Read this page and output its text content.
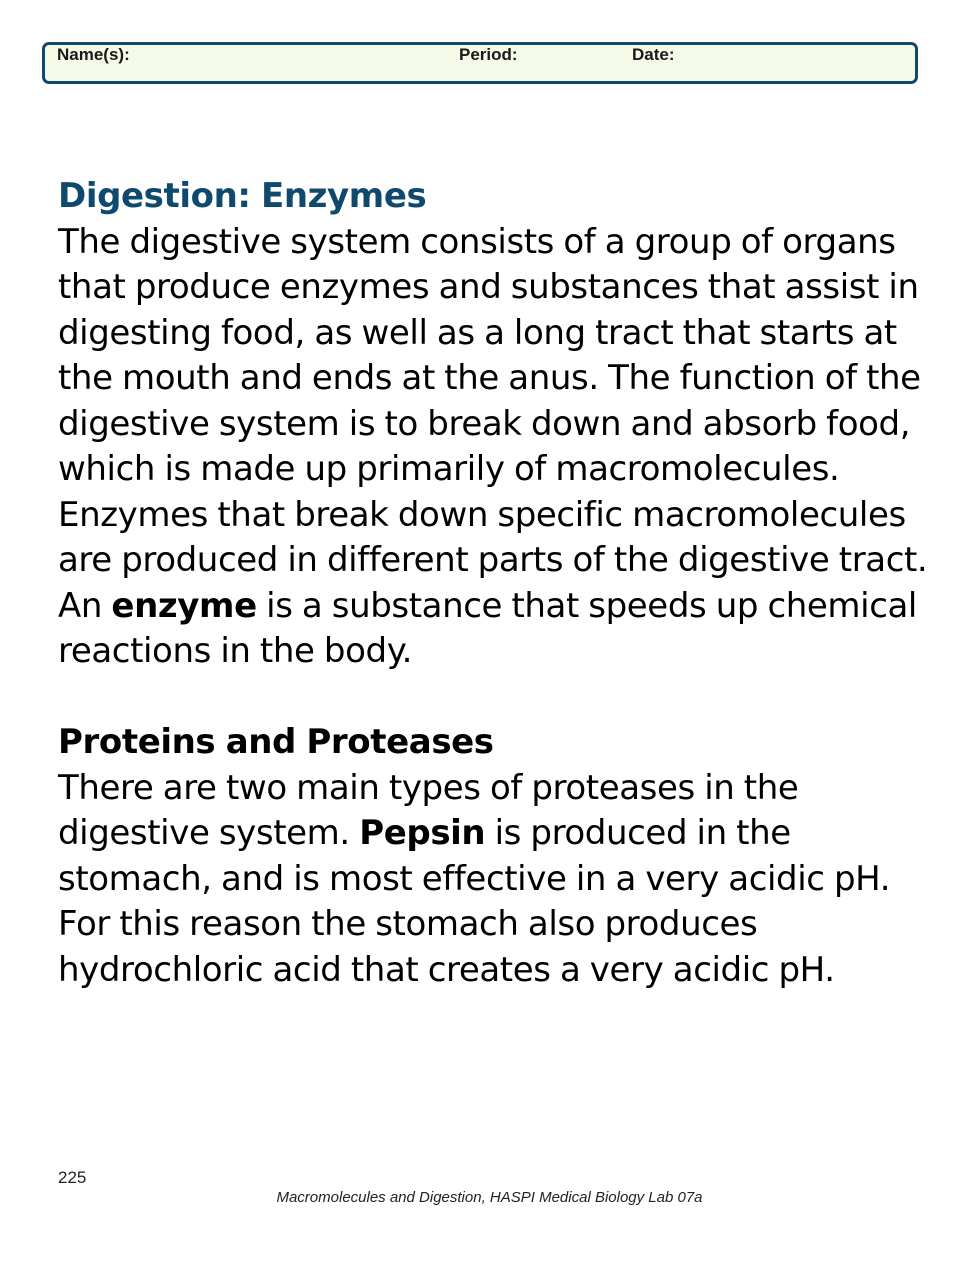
Name(s):	Period:	Date:
Digestion: Enzymes

The digestive system consists of a group of organs that produce enzymes and substances that assist in digesting food, as well as a long tract that starts at the mouth and ends at the anus. The function of the digestive system is to break down and absorb food, which is made up primarily of macromolecules. Enzymes that break down specific macromolecules are produced in different parts of the digestive tract. An enzyme is a substance that speeds up chemical reactions in the body.

Proteins and Proteases

There are two main types of proteases in the digestive system. Pepsin is produced in the stomach, and is most effective in a very acidic pH. For this reason the stomach also produces hydrochloric acid that creates a very acidic pH.

225
Macromolecules and Digestion, HASPI Medical Biology Lab 07a
